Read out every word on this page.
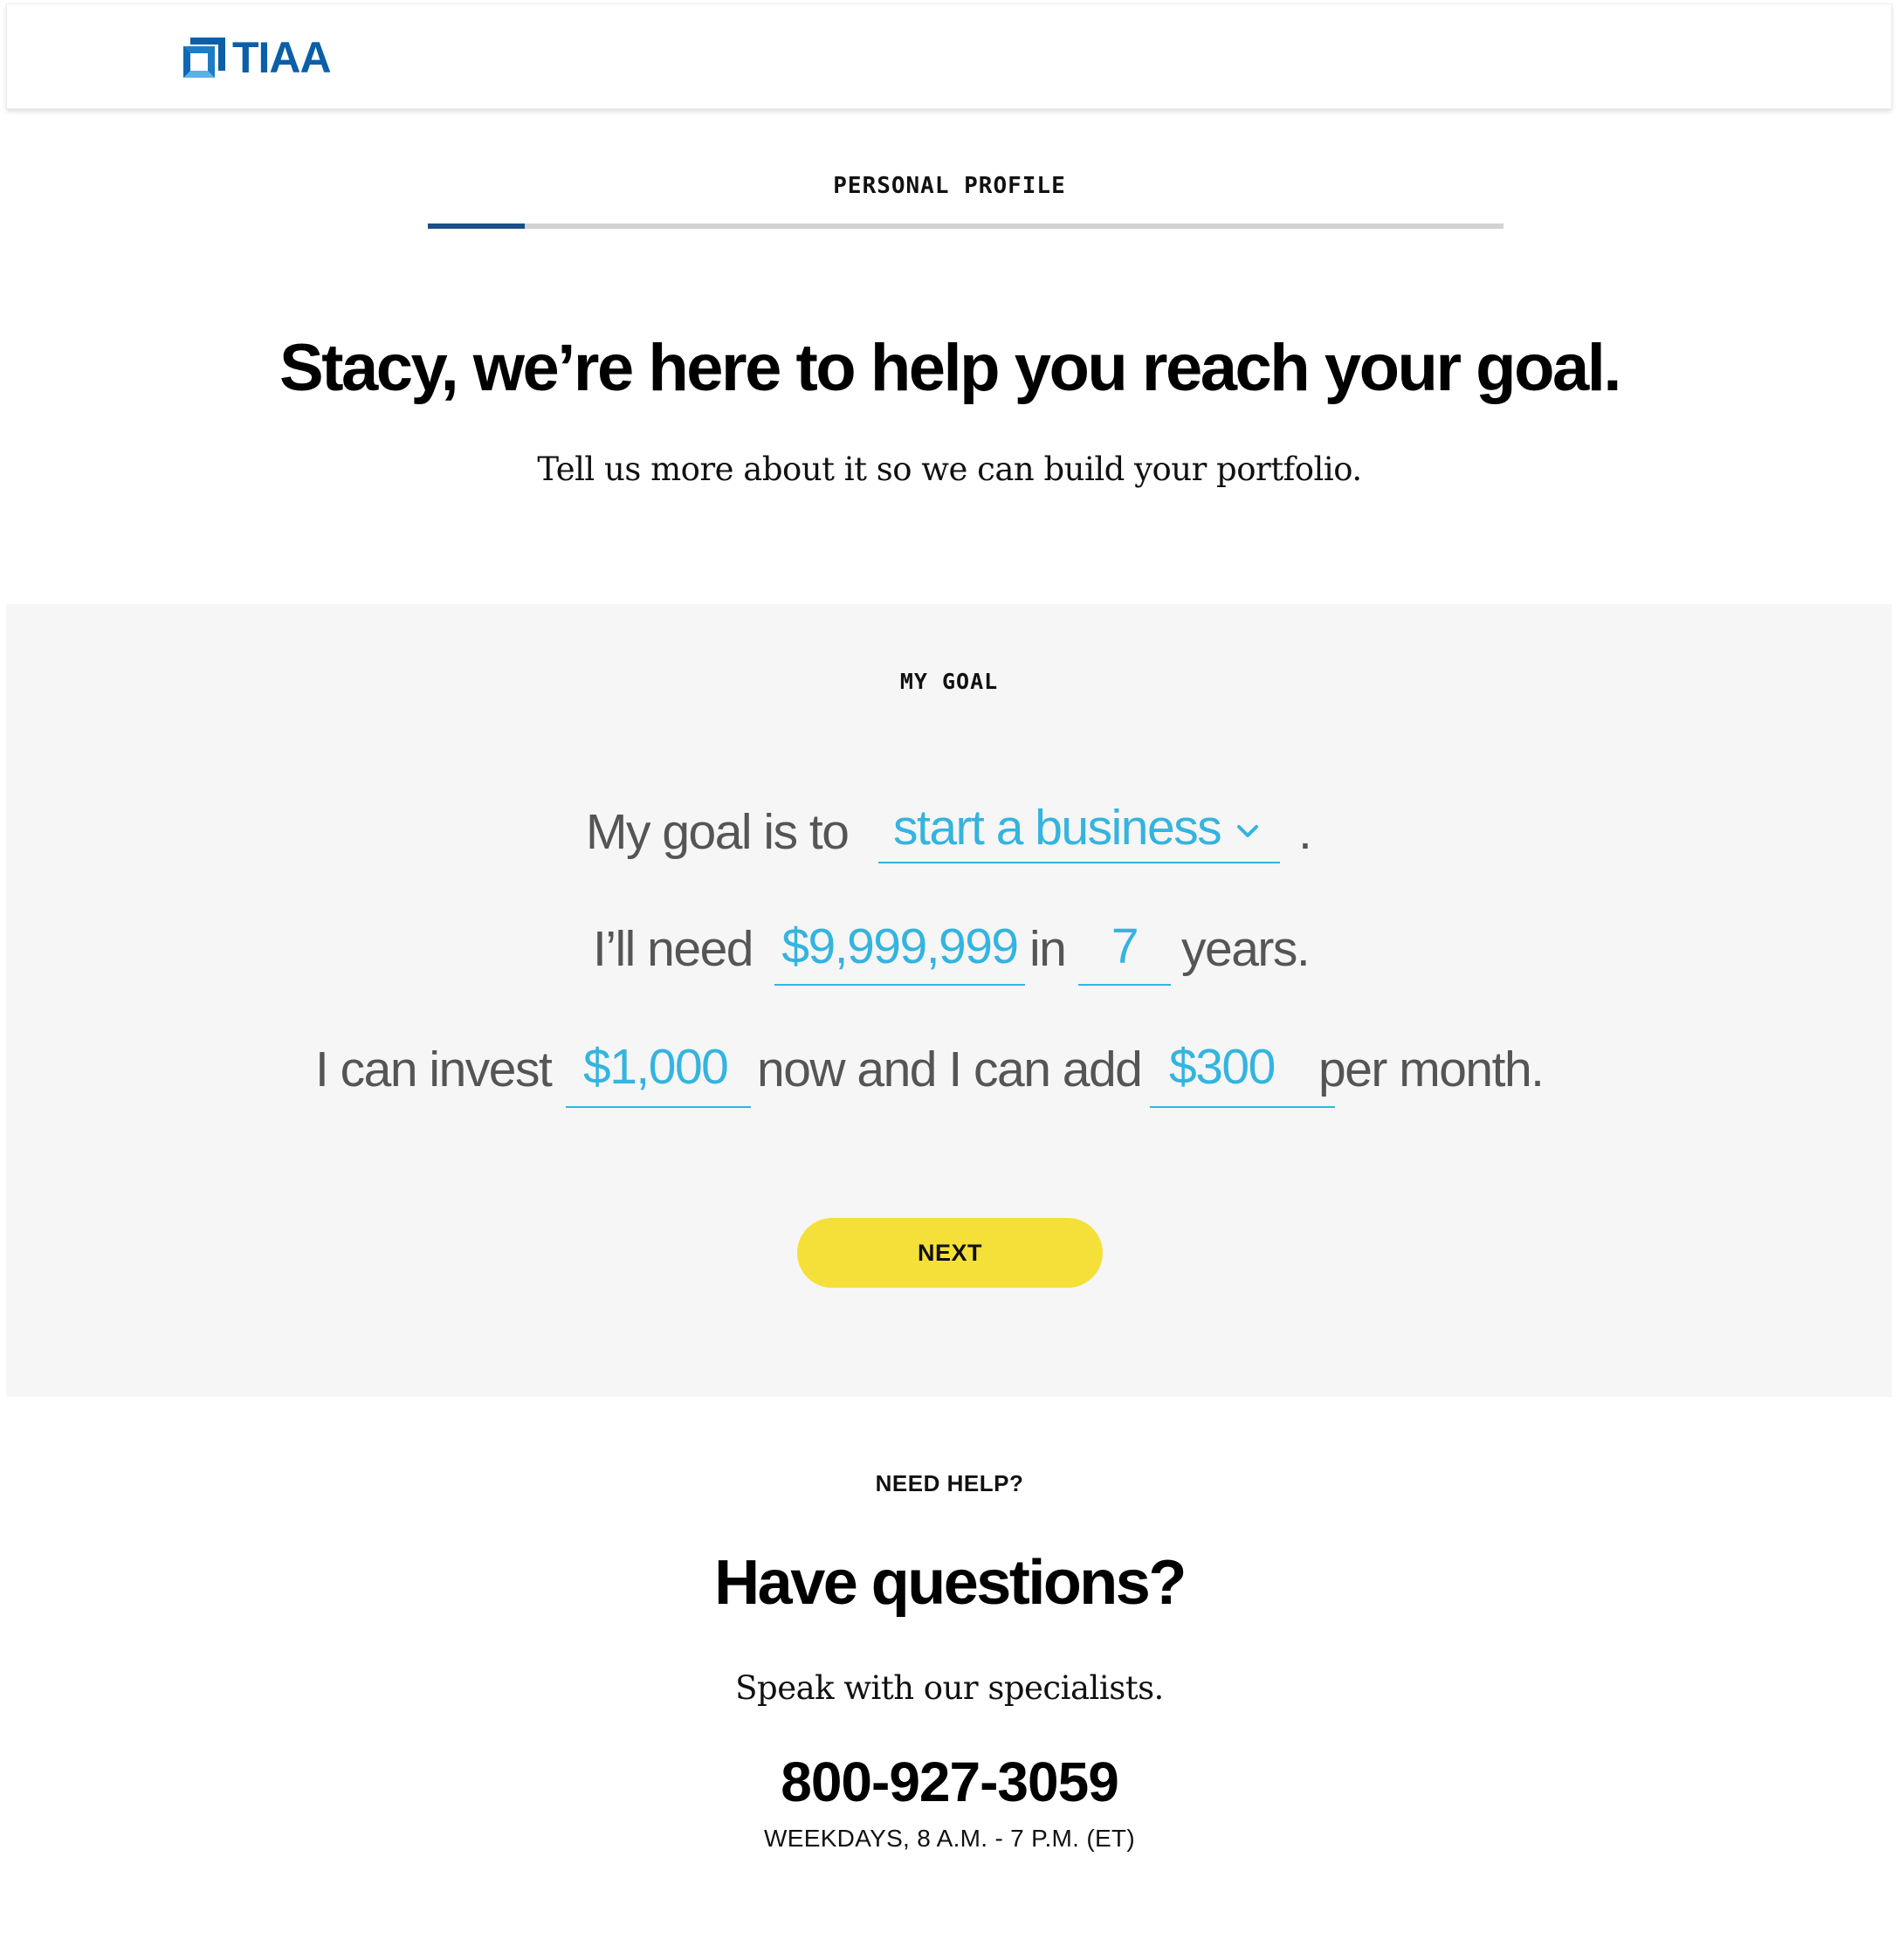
TIAA
PERSONAL PROFILE
Stacy, we’re here to help you reach your goal.
Tell us more about it so we can build your portfolio.
MY GOAL
My goal is to start a business	.
I’ll need $9,999,999 in 7 years.
I can invest $1,000 now and I can add $300 per month.
NEXT
NEED HELP?
Have questions?
Speak with our specialists.
800-927-3059
WEEKDAYS, 8 A.M. - 7 P.M. (ET)
